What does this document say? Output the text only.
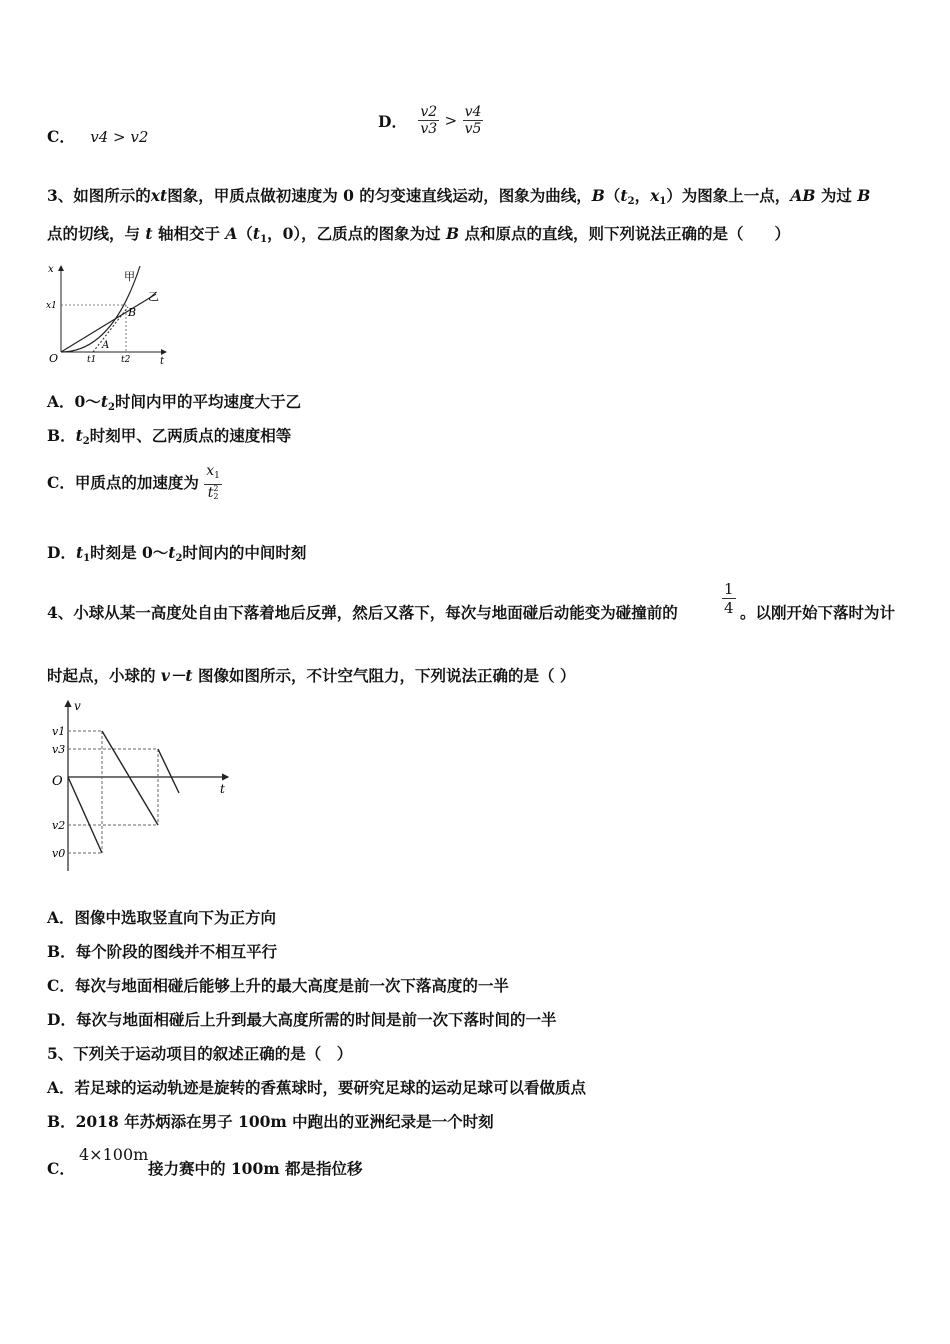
C． v4 > v2
D． $\frac{v2}{v3} > \frac{v4}{v5}$
3、如图所示的xt图象，甲质点做初速度为 0 的匀变速直线运动，图象为曲线，$B(t_2$，$x_1$）为图象上一点，AB 为过 B
点的切线，与 t 轴相交于 $A(t_1$，0），乙质点的图象为过 B 点和原点的直线，则下列说法正确的是（　　）
x
t
O
x1
t1	t2
甲
乙
B
A
A．$0\sim t_2$时间内甲的平均速度大于乙
B．$t_2$时刻甲、乙两质点的速度相等
C．甲质点的加速度为 $x_1$
t 2
2
D．$t_1$时刻是 $0\sim t_2$时间内的中间时刻
4、小球从某一高度处自由下落着地后反弹，然后又落下，每次与地面碰后动能变为碰撞前的	$\frac{1}{4}$ 。以刚开始下落时为计
时起点，小球的 v－t 图像如图所示，不计空气阻力，下列说法正确的是（ ）
v
t
O
v1
v3
v2
v0
A．图像中选取竖直向下为正方向
B．每个阶段的图线并不相互平行
C．每次与地面相碰后能够上升的最大高度是前一次下落高度的一半
D．每次与地面相碰后上升到最大高度所需的时间是前一次下落时间的一半
5、下列关于运动项目的叙述正确的是（　）
A．若足球的运动轨迹是旋转的香蕉球时，要研究足球的运动足球可以看做质点
B．2018 年苏炳添在男子 100m 中跑出的亚洲纪录是一个时刻
C．
4×100m
接力赛中的 100m 都是指位移
